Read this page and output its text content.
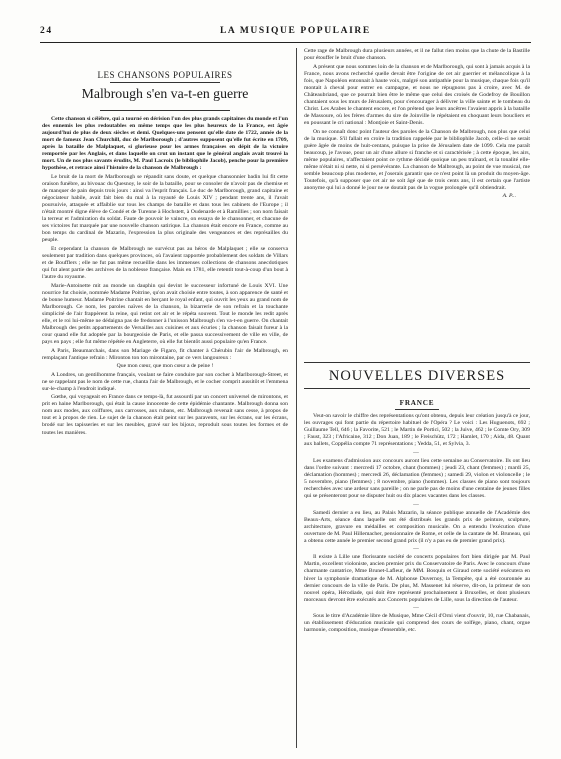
24	LA MUSIQUE POPULAIRE
LES CHANSONS POPULAIRES
Malbrough s'en va-t-en guerre

Cette chanson si célèbre, qui a tourné en dérision l'un des plus grands capitaines du monde et l'un des ennemis les plus redoutables en même temps que les plus heureux de la France, est âgée aujourd'hui de plus de deux siècles et demi. Quelques-uns pensent qu'elle date de 1722, année de la mort de fameux Jean Churchill, duc de Marlborough ; d'autres supposent qu'elle fut écrite en 1709, après la bataille de Malplaquet, si glorieuse pour les armes françaises en dépit de la victoire remportée par les Anglais, et dans laquelle on crut un instant que le général anglais avait trouvé la mort. Un de nos plus savants érudits, M. Paul Lacroix (le bibliophile Jacob), penche pour la première hypothèse, et retrace ainsi l'histoire de la chanson de Malbrough :

Le bruit de la mort de Marlborough se répandit sans doute, et quelque chansonnier badin lui fit cette oraison funèbre, au bivouac du Quesnoy, le soir de la bataille, pour se consoler de n'avoir pas de chemise et de manquer de pain depuis trois jours : ainsi va l'esprit français. Le duc de Marlborough, grand capitaine et négociateur habile, avait fait bien du mal à la royauté de Louis XIV ; pendant trente ans, il l'avait poursuivie, attaquée et affaiblie sur tous les champs de bataille et dans tous les cabinets de l'Europe ; il n'était montré digne élève de Condé et de Turenne à Hochstett, à Oudenarde et à Ramillies ; son nom faisait la terreur et l'admiration du soldat. Faute de pouvoir le vaincre, on essaya de le chansonner, et chacune de ses victoires fut marquée par une nouvelle chanson satirique. La chanson était encore en France, comme au bon temps du cardinal de Mazarin, l'expression la plus originale des vengeances et des représailles du peuple.

Et cependant la chanson de Malbrough ne survécut pas au héros de Malplaquet ; elle se conserva seulement par tradition dans quelques provinces, où l'avaient rapportée probablement des soldats de Villars et de Boufflers ; elle ne fut pas même recueillie dans les immenses collections de chansons anecdotiques qui fut alent partie des archives de la noblesse française. Mais en 1781, elle retentit tout-à-coup d'un bout à l'autre du royaume.

Marie-Antoinette mit au monde un dauphin qui devint le successeur infortuné de Louis XVI. Une nourrice fut choisie, nommée Madame Poitrine, qu'on avait choisie entre toutes, à son apparence de santé et de bonne humeur. Madame Poitrine chantait en berçant le royal enfant, qui ouvrit les yeux au grand nom de Marlborough. Ce nom, les paroles naïves de la chanson, la bizarrerie de son refrain et la touchante simplicité de l'air frappèrent la reine, qui retint cet air et le répéta souvent. Tout le monde les redit après elle, et le roi lui-même ne dédaigna pas de fredonner à l'unisson Malbrough s'en va-t-en guerre. On chantait Malbrough des petits appartements de Versailles aux cuisines et aux écuries ; la chanson faisait fureur à la cour quand elle fut adoptée par la bourgeoisie de Paris, et elle passa successivement de ville en ville, de pays en pays ; elle fut même répétée en Angleterre, où elle fut bientôt aussi populaire qu'en France.

A Paris, Beaumarchais, dans son Mariage de Figaro, fit chanter à Chérubin l'air de Malbrough, en remplaçant l'antique refrain : Mironton ton ton mirontaine, par ce vers langoureux :

Que mon cœur, que mon cœur a de peine !

A Londres, un gentilhomme français, voulant se faire conduire par son cocher à Marlborough-Street, et ne se rappelant pas le nom de cette rue, chanta l'air de Malbrough, et le cocher comprit aussitôt et l'emmena sur-le-champ à l'endroit indiqué.

Gœthe, qui voyageait en France dans ce temps-là, fut assourdi par un concert universel de mirontons, et prit en haine Marlborough, qui était la cause innocente de cette épidémie chantante. Malbrough donna son nom aux modes, aux coiffures, aux carrosses, aux rubans, etc. Malbrough revenait sans cesse, à propos de tout et à propos de rien. Le sujet de la chanson était peint sur les paravents, sur les écrans, sur les écrans, brodé sur les tapisseries et sur les meubles, gravé sur les bijoux, reproduit sous toutes les formes et de toutes les manières.

Cette rage de Malbrough dura plusieurs années, et il ne fallut rien moins que la chute de la Bastille pour étouffer le bruit d'une chanson.

A présent que nous sommes loin de la chanson et de Marlborough, qui sont à jamais acquis à la France, nous avons recherché quelle devait être l'origine de cet air guerrier et mélancolique à la fois, que Napoléon entonnait à haute voix, malgré son antipathie pour la musique, chaque fois qu'il montait à cheval pour entrer en campagne, et nous ne répugnons pas à croire, avec M. de Châteaubriand, que ce pourrait bien être le même que celui des croisés de Godefroy de Bouillon chantaient sous les murs de Jérusalem, pour s'encourager à délivrer la ville sainte et le tombeau du Christ. Les Arabes le chantent encore, et l'on prétend que leurs ancêtres l'avaient appris à la bataille de Massoure, où les frères d'armes du sire de Joinville le répétaient en choquant leurs boucliers et en poussant le cri national : Montjoie et Saint-Denis.

On ne connaît donc point l'auteur des paroles de la Chanson de Malbrough, non plus que celui de la musique. S'il fallait en croire la tradition rappelée par le bibliophile Jacob, celle-ci ne serait guère âgée de moins de huit-centans, puisque la prise de Jérusalem date de 1099. Cela me paraît beaucoup, je l'avoue, pour un air d'une allure si franche et si caractérisée ; à cette époque, les airs, même populaires, n'affectaient point ce rythme décidé quoique un peu traînard, et la tonalité elle-même n'était ni si nette, ni si persévérante. La chanson de Malbrough, au point de vue musical, me semble beaucoup plus moderne, et j'oserais garantir que ce n'est point là un produit du moyen-âge. Toutefois, qu'à supposer que cet air ne soit âgé que de trois cents ans, il est certain que l'artiste anonyme qui lui a donné le jour ne se doutait pas de la vogue prolongée qu'il obtiendrait.

A. P...

NOUVELLES DIVERSES
FRANCE

Veut-on savoir le chiffre des représentations qu'ont obtenu, depuis leur création jusqu'à ce jour, les ouvrages qui font partie du répertoire habituel de l'Opéra ? Le voici : Les Huguenots, 692 ; Guillaume Tell, 646 ; la Favorite, 521 ; le Martin de Portici, 502 ; la Juive, 462 ; le Comte Ory, 309 ; Faust, 323 ; l'Africaine, 312 ; Don Juan, 189 ; le Freischütz, 172 ; Hamlet, 170 ; Aida, 48. Quant aux ballets, Coppélia compte 71 représentations ; Yedda, 51, et Sylvia, 3.

―

Les examens d'admission aux concours auront lieu cette semaine au Conservatoire. Ils ont lieu dans l'ordre suivant : mercredi 17 octobre, chant (hommes) ; jeudi 23, chant (femmes) ; mardi 25, déclamation (hommes) ; mercredi 26, déclamation (femmes) ; samedi 29, violon et violoncelle ; le 5 novembre, piano (femmes) ; 8 novembre, piano (hommes). Les classes de piano sont toujours recherchées avec une ardeur sans pareille ; on ne parle pas de moins d'une centaine de jeunes filles qui se présenteront pour se disputer huit ou dix places vacantes dans les classes.

―

Samedi dernier a eu lieu, au Palais Mazarin, la séance publique annuelle de l'Académie des Beaux-Arts, séance dans laquelle ont été distribués les grands prix de peinture, sculpture, architecture, gravure en médailles et composition musicale. On a entendu l'exécution d'une ouverture de M. Paul Hillemacher, pensionnaire de Rome, et celle de la cantate de M. Bruneau, qui a obtenu cette année le premier second grand prix (il n'y a pas eu de premier grand prix).

―

Il existe à Lille une florissante société de concerts populaires fort bien dirigée par M. Paul Martin, excellent violoniste, ancien premier prix du Conservatoire de Paris. Avec le concours d'une charmante cantatrice, Mme Brunet-Lafleur, de MM. Bosquin et Giraud cette société exécutera en hiver la symphonie dramatique de M. Alphonse Duvernoy, la Tempête, qui a été couronnée au dernier concours de la ville de Paris. De plus, M. Massenet lui réserve, dit-on, la primeur de son nouvel opéra, Hérodiade, qui doit être représenté prochainement à Bruxelles, et dont plusieurs morceaux devront être exécutés aux Concerts populaires de Lille, sous la direction de l'auteur.

―

Sous le titre d'Académie libre de Musique, Mme Cécil d'Orni vient d'ouvrir, 10, rue Chabanais, un établissement d'éducation musicale qui comprend des cours de solfège, piano, chant, orgue harmonie, composition, musique d'ensemble, etc.
